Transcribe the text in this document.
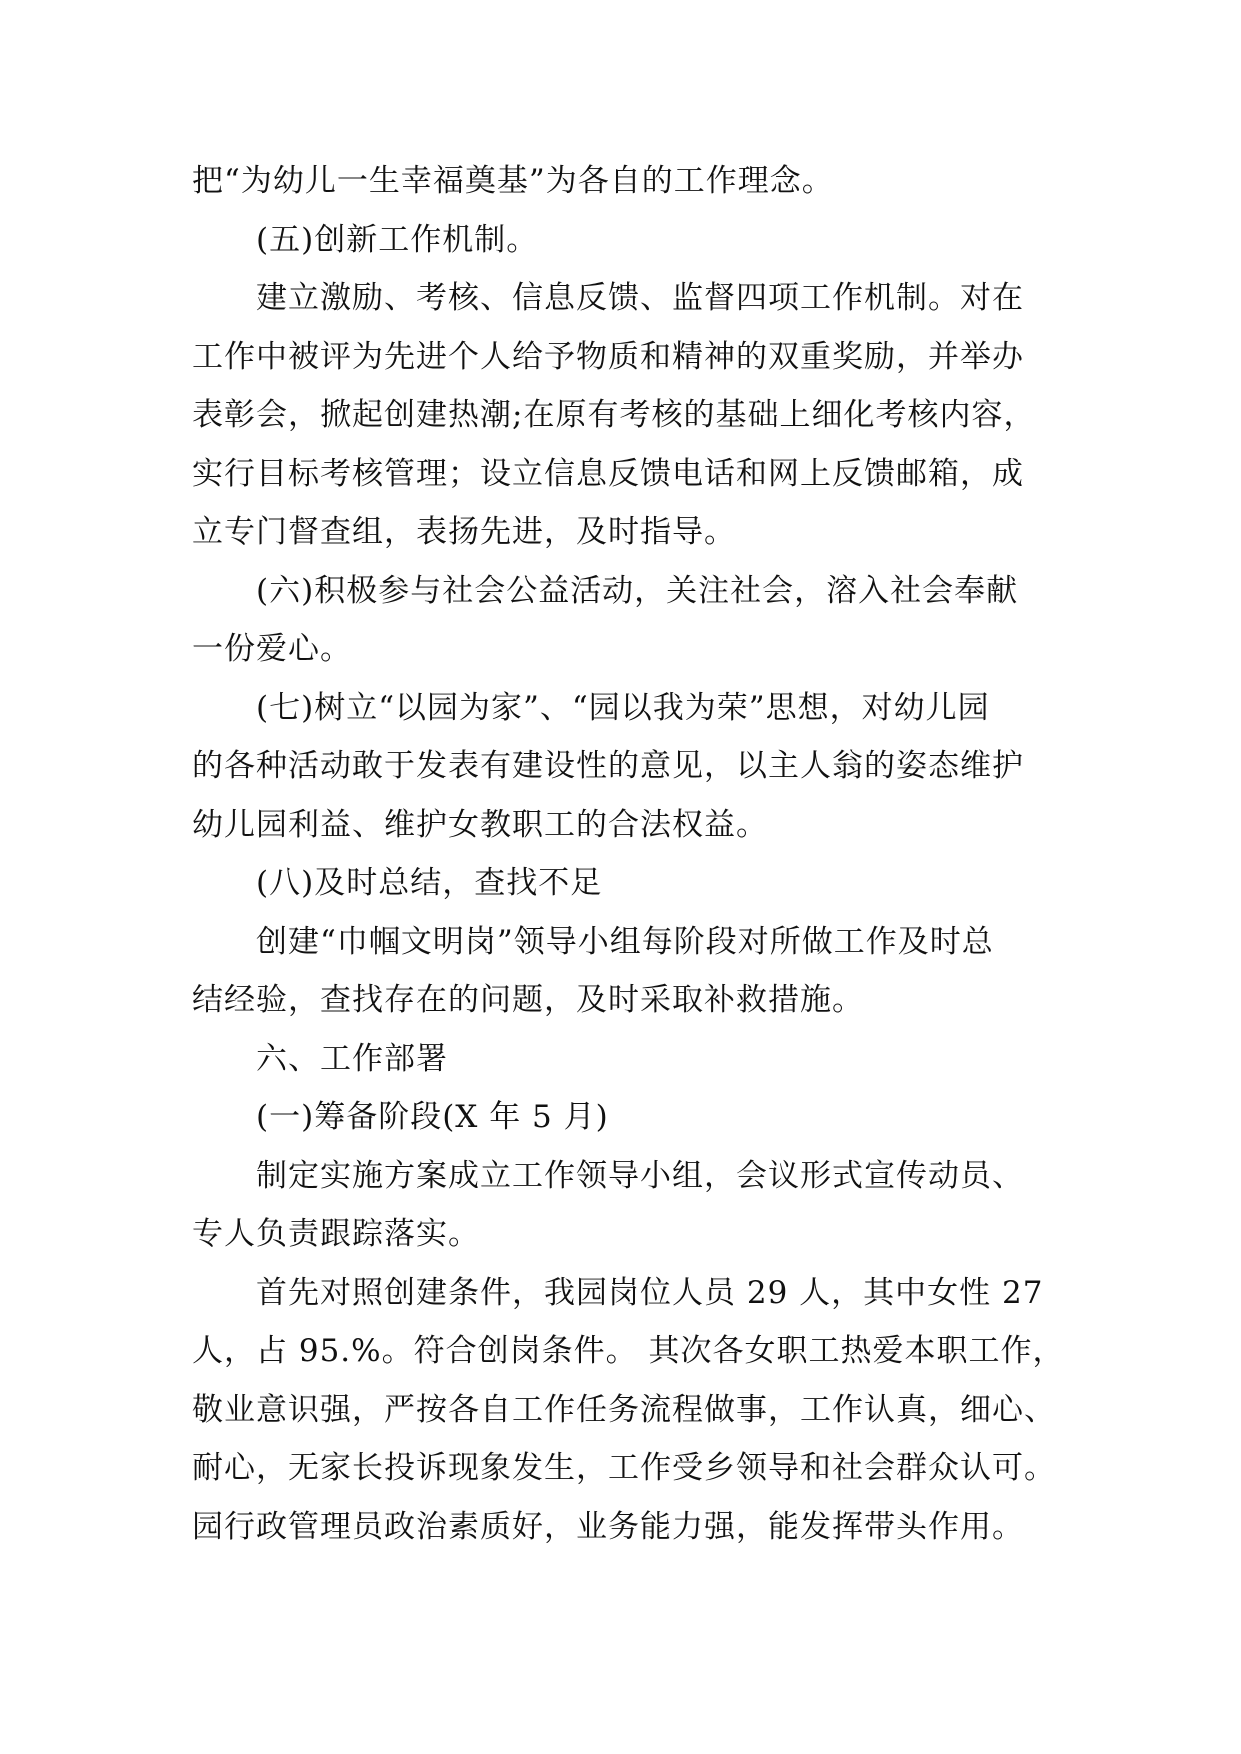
把“为幼儿一生幸福奠基”为各自的工作理念。
(五)创新工作机制。
建立激励、考核、信息反馈、监督四项工作机制。对在
工作中被评为先进个人给予物质和精神的双重奖励，并举办
表彰会，掀起创建热潮;在原有考核的基础上细化考核内容，
实行目标考核管理；设立信息反馈电话和网上反馈邮箱，成
立专门督查组，表扬先进，及时指导。
(六)积极参与社会公益活动，关注社会，溶入社会奉献
一份爱心。
(七)树立“以园为家”、“园以我为荣”思想，对幼儿园
的各种活动敢于发表有建设性的意见，以主人翁的姿态维护
幼儿园利益、维护女教职工的合法权益。
(八)及时总结，查找不足
创建“巾帼文明岗”领导小组每阶段对所做工作及时总
结经验，查找存在的问题，及时采取补救措施。
六、工作部署
(一)筹备阶段(X 年 5 月)
制定实施方案成立工作领导小组，会议形式宣传动员、
专人负责跟踪落实。
首先对照创建条件，我园岗位人员 29 人，其中女性 27
人，占 95.%。符合创岗条件。 其次各女职工热爱本职工作，
敬业意识强，严按各自工作任务流程做事，工作认真，细心、
耐心，无家长投诉现象发生，工作受乡领导和社会群众认可。
园行政管理员政治素质好，业务能力强，能发挥带头作用。
